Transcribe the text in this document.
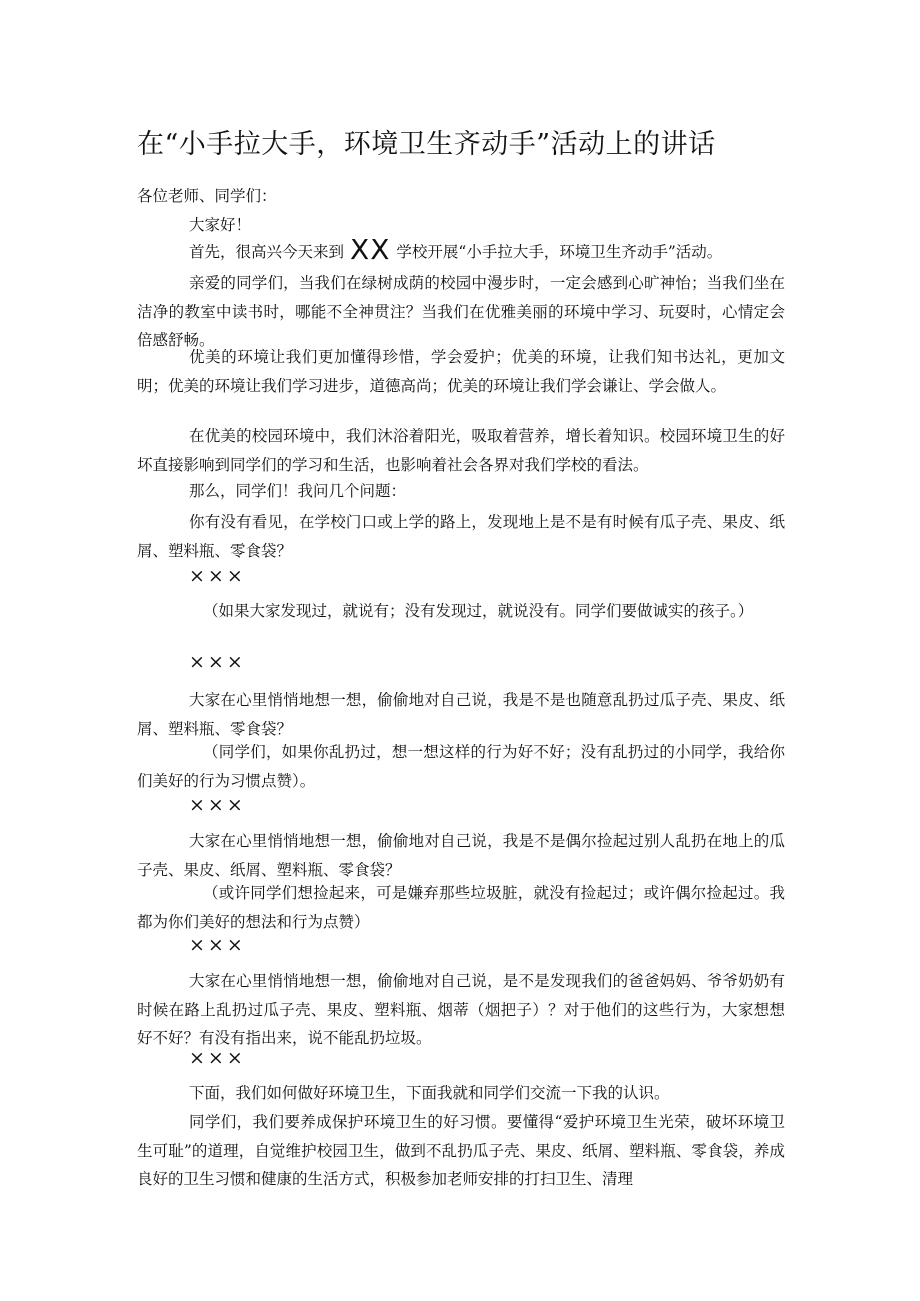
在“小手拉大手，环境卫生齐动手”活动上的讲话
各位老师、同学们：
大家好！
首先，很高兴今天来到 XX 学校开展“小手拉大手，环境卫生齐动手”活动。
亲爱的同学们，当我们在绿树成荫的校园中漫步时，一定会感到心旷神怡；当我们坐在洁净的教室中读书时，哪能不全神贯注？当我们在优雅美丽的环境中学习、玩耍时，心情定会倍感舒畅。
优美的环境让我们更加懂得珍惜，学会爱护；优美的环境，让我们知书达礼，更加文明；优美的环境让我们学习进步，道德高尚；优美的环境让我们学会谦让、学会做人。
在优美的校园环境中，我们沐浴着阳光，吸取着营养，增长着知识。校园环境卫生的好坏直接影响到同学们的学习和生活，也影响着社会各界对我们学校的看法。
那么，同学们！我问几个问题：
你有没有看见，在学校门口或上学的路上，发现地上是不是有时候有瓜子壳、果皮、纸屑、塑料瓶、零食袋？
×××
（如果大家发现过，就说有；没有发现过，就说没有。同学们要做诚实的孩子。）
×××
大家在心里悄悄地想一想，偷偷地对自己说，我是不是也随意乱扔过瓜子壳、果皮、纸屑、塑料瓶、零食袋？
（同学们，如果你乱扔过，想一想这样的行为好不好；没有乱扔过的小同学，我给你们美好的行为习惯点赞）。
×××
大家在心里悄悄地想一想，偷偷地对自己说，我是不是偶尔捡起过别人乱扔在地上的瓜子壳、果皮、纸屑、塑料瓶、零食袋？
（或许同学们想捡起来，可是嫌弃那些垃圾脏，就没有捡起过；或许偶尔捡起过。我都为你们美好的想法和行为点赞）
×××
大家在心里悄悄地想一想，偷偷地对自己说，是不是发现我们的爸爸妈妈、爷爷奶奶有时候在路上乱扔过瓜子壳、果皮、塑料瓶、烟蒂（烟把子）？对于他们的这些行为，大家想想好不好？有没有指出来，说不能乱扔垃圾。
×××
下面，我们如何做好环境卫生，下面我就和同学们交流一下我的认识。
同学们，我们要养成保护环境卫生的好习惯。要懂得“爱护环境卫生光荣，破坏环境卫生可耻”的道理，自觉维护校园卫生，做到不乱扔瓜子壳、果皮、纸屑、塑料瓶、零食袋，养成良好的卫生习惯和健康的生活方式，积极参加老师安排的打扫卫生、清理
